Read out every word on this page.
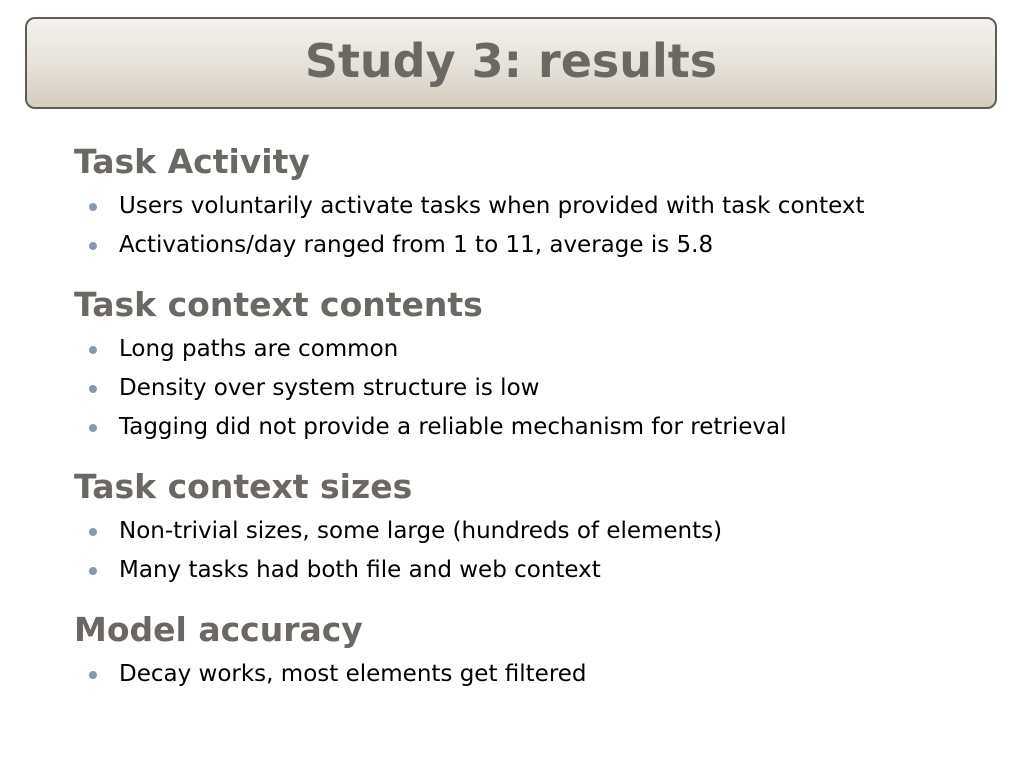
Study 3: results
Task Activity
Users voluntarily activate tasks when provided with task context
Activations/day ranged from 1 to 11, average is 5.8
Task context contents
Long paths are common
Density over system structure is low
Tagging did not provide a reliable mechanism for retrieval
Task context sizes
Non-trivial sizes, some large (hundreds of elements)
Many tasks had both file and web context
Model accuracy
Decay works, most elements get filtered
